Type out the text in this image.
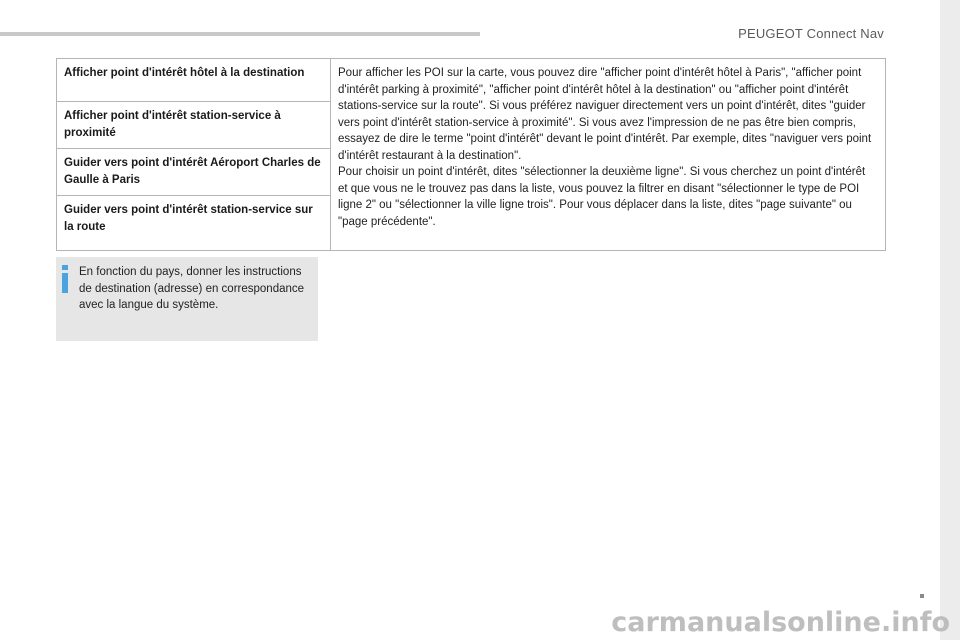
PEUGEOT Connect Nav
Afficher point d'intérêt hôtel à la destination	Pour afficher les POI sur la carte, vous pouvez dire "afficher point d'intérêt hôtel à Paris", "afficher point d'intérêt parking à proximité", "afficher point d'intérêt hôtel à la destination" ou "afficher point d'intérêt stations-service sur la route". Si vous préférez naviguer directement vers un point d'intérêt, dites "guider vers point d'intérêt station-service à proximité". Si vous avez l'impression de ne pas être bien compris, essayez de dire le terme "point d'intérêt" devant le point d'intérêt. Par exemple, dites "naviguer vers point d'intérêt restaurant à la destination".

Pour choisir un point d'intérêt, dites "sélectionner la deuxième ligne". Si vous cherchez un point d'intérêt et que vous ne le trouvez pas dans la liste, vous pouvez la filtrer en disant "sélectionner le type de POI ligne 2" ou "sélectionner la ville ligne trois". Pour vous déplacer dans la liste, dites "page suivante" ou "page précédente".

Afficher point d'intérêt station-service à proximité
Guider vers point d'intérêt Aéroport Charles de Gaulle à Paris
Guider vers point d'intérêt station-service sur la route
En fonction du pays, donner les instructions de destination (adresse) en correspondance avec la langue du système.
carmanualsonline.info
